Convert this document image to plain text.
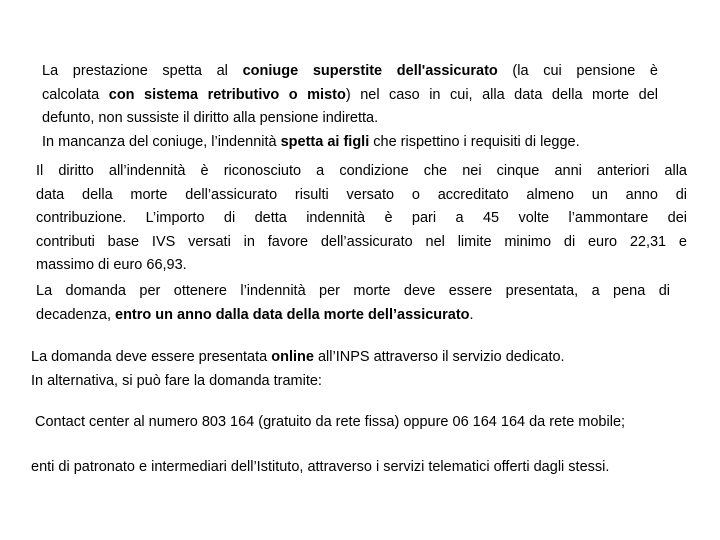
La prestazione spetta al coniuge superstite dell'assicurato (la cui pensione è
calcolata con sistema retributivo o misto) nel caso in cui, alla data della morte del
defunto, non sussiste il diritto alla pensione indiretta.
In mancanza del coniuge, l’indennità spetta ai figli che rispettino i requisiti di legge.
Il diritto all’indennità è riconosciuto a condizione che nei cinque anni anteriori alla
data della morte dell’assicurato risulti versato o accreditato almeno un anno di
contribuzione. L’importo di detta indennità è pari a 45 volte l’ammontare dei
contributi base IVS versati in favore dell’assicurato nel limite minimo di euro 22,31 e
massimo di euro 66,93.
La domanda per ottenere l’indennità per morte deve essere presentata, a pena di
decadenza, entro un anno dalla data della morte dell’assicurato.
La domanda deve essere presentata online all’INPS attraverso il servizio dedicato.
In alternativa, si può fare la domanda tramite:
Contact center al numero 803 164 (gratuito da rete fissa) oppure 06 164 164 da rete mobile;
enti di patronato e intermediari dell’Istituto, attraverso i servizi telematici offerti dagli stessi.
